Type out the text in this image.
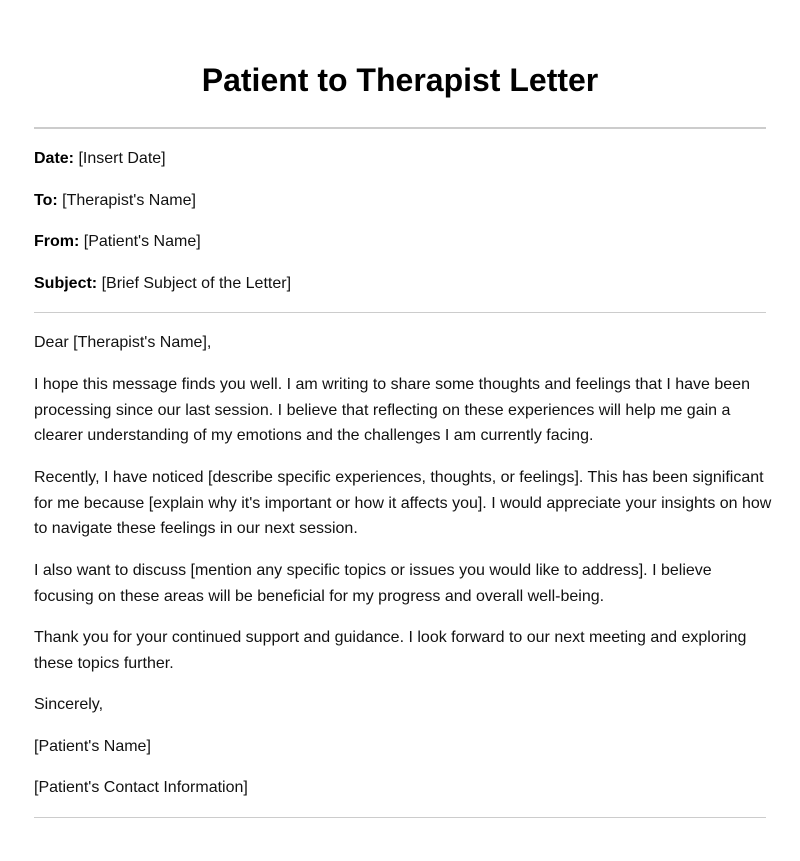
Patient to Therapist Letter

Date: [Insert Date]

To: [Therapist's Name]

From: [Patient's Name]

Subject: [Brief Subject of the Letter]

Dear [Therapist's Name],

I hope this message finds you well. I am writing to share some thoughts and feelings that I have been processing since our last session. I believe that reflecting on these experiences will help me gain a clearer understanding of my emotions and the challenges I am currently facing.

Recently, I have noticed [describe specific experiences, thoughts, or feelings]. This has been significant for me because [explain why it's important or how it affects you]. I would appreciate your insights on how to navigate these feelings in our next session.

I also want to discuss [mention any specific topics or issues you would like to address]. I believe focusing on these areas will be beneficial for my progress and overall well-being.

Thank you for your continued support and guidance. I look forward to our next meeting and exploring these topics further.

Sincerely,

[Patient's Name]

[Patient's Contact Information]
